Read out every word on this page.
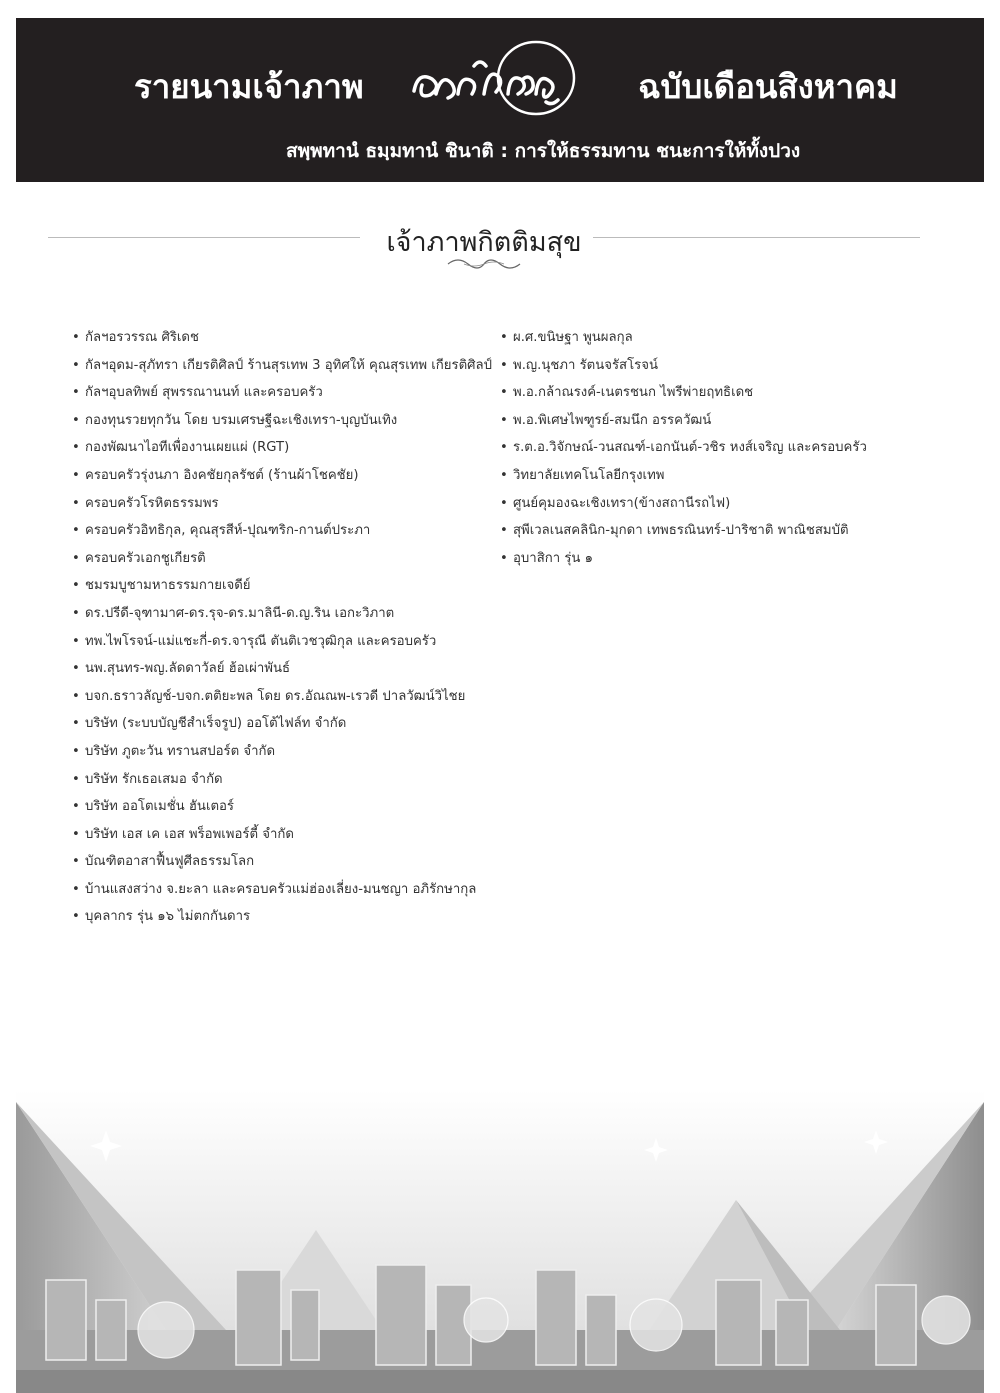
รายนามเจ้าภาพ	ฉบับเดือนสิงหาคม
สพฺพทานํ ธมฺมทานํ ชินาติ : การให้ธรรมทาน ชนะการให้ทั้งปวง
เจ้าภาพกิตติมสุข
• กัลฯอรวรรณ ศิริเดช
• กัลฯอุดม-สุภัทรา เกียรติศิลป์ ร้านสุรเทพ 3 อุทิศให้ คุณสุรเทพ เกียรติศิลป์
• กัลฯอุบลทิพย์ สุพรรณานนท์ และครอบครัว
• กองทุนรวยทุกวัน โดย บรมเศรษฐีฉะเชิงเทรา-บุญบันเทิง
• กองพัฒนาไอทีเพื่องานเผยแผ่ (RGT)
• ครอบครัวรุ่งนภา อิงคชัยกุลรัชต์ (ร้านผ้าโชคชัย)
• ครอบครัวโรหิตธรรมพร
• ครอบครัวอิทธิกุล, คุณสุรสีห์-ปุณฑริก-กานต์ประภา
• ครอบครัวเอกชูเกียรติ
• ชมรมบูชามหาธรรมกายเจดีย์
• ดร.ปรีดี-จุฑามาศ-ดร.รุจ-ดร.มาลินี-ด.ญ.ริน เอกะวิภาต
• ทพ.ไพโรจน์-แม่แชะกี่-ดร.จารุณี ตันติเวชวุฒิกุล และครอบครัว
• นพ.สุนทร-พญ.ลัดดาวัลย์ ฮ้อเผ่าพันธ์
• บจก.ธราวลัญช์-บจก.ตติยะพล โดย ดร.อัณณพ-เรวดี ปาลวัฒน์วิไชย
• บริษัท (ระบบบัญชีสำเร็จรูป) ออโต้ไฟล์ท จำกัด
• บริษัท ภูตะวัน ทรานสปอร์ต จำกัด
• บริษัท รักเธอเสมอ จำกัด
• บริษัท ออโตเมชั่น ฮันเตอร์
• บริษัท เอส เค เอส พร็อพเพอร์ตี้ จำกัด
• บัณฑิตอาสาฟื้นฟูศีลธรรมโลก
• บ้านแสงสว่าง จ.ยะลา และครอบครัวแม่ฮ่องเลี่ยง-มนชญา อภิรักษากุล
• บุคลากร รุ่น ๑๖ ไม่ตกกันดาร
• ผ.ศ.ขนิษฐา พูนผลกุล
• พ.ญ.นุชภา รัตนจรัสโรจน์
• พ.อ.กล้าณรงค์-เนตรชนก ไพรีพ่ายฤทธิเดช
• พ.อ.พิเศษไพฑูรย์-สมนึก อรรควัฒน์
• ร.ต.อ.วิจักษณ์-วนสณฑ์-เอกนันต์-วชิร หงส์เจริญ และครอบครัว
• วิทยาลัยเทคโนโลยีกรุงเทพ
• ศูนย์คุมองฉะเชิงเทรา(ข้างสถานีรถไฟ)
• สุพีเวลเนสคลินิก-มุกดา เทพธรณินทร์-ปาริชาติ พาณิชสมบัติ
• อุบาสิกา รุ่น ๑
